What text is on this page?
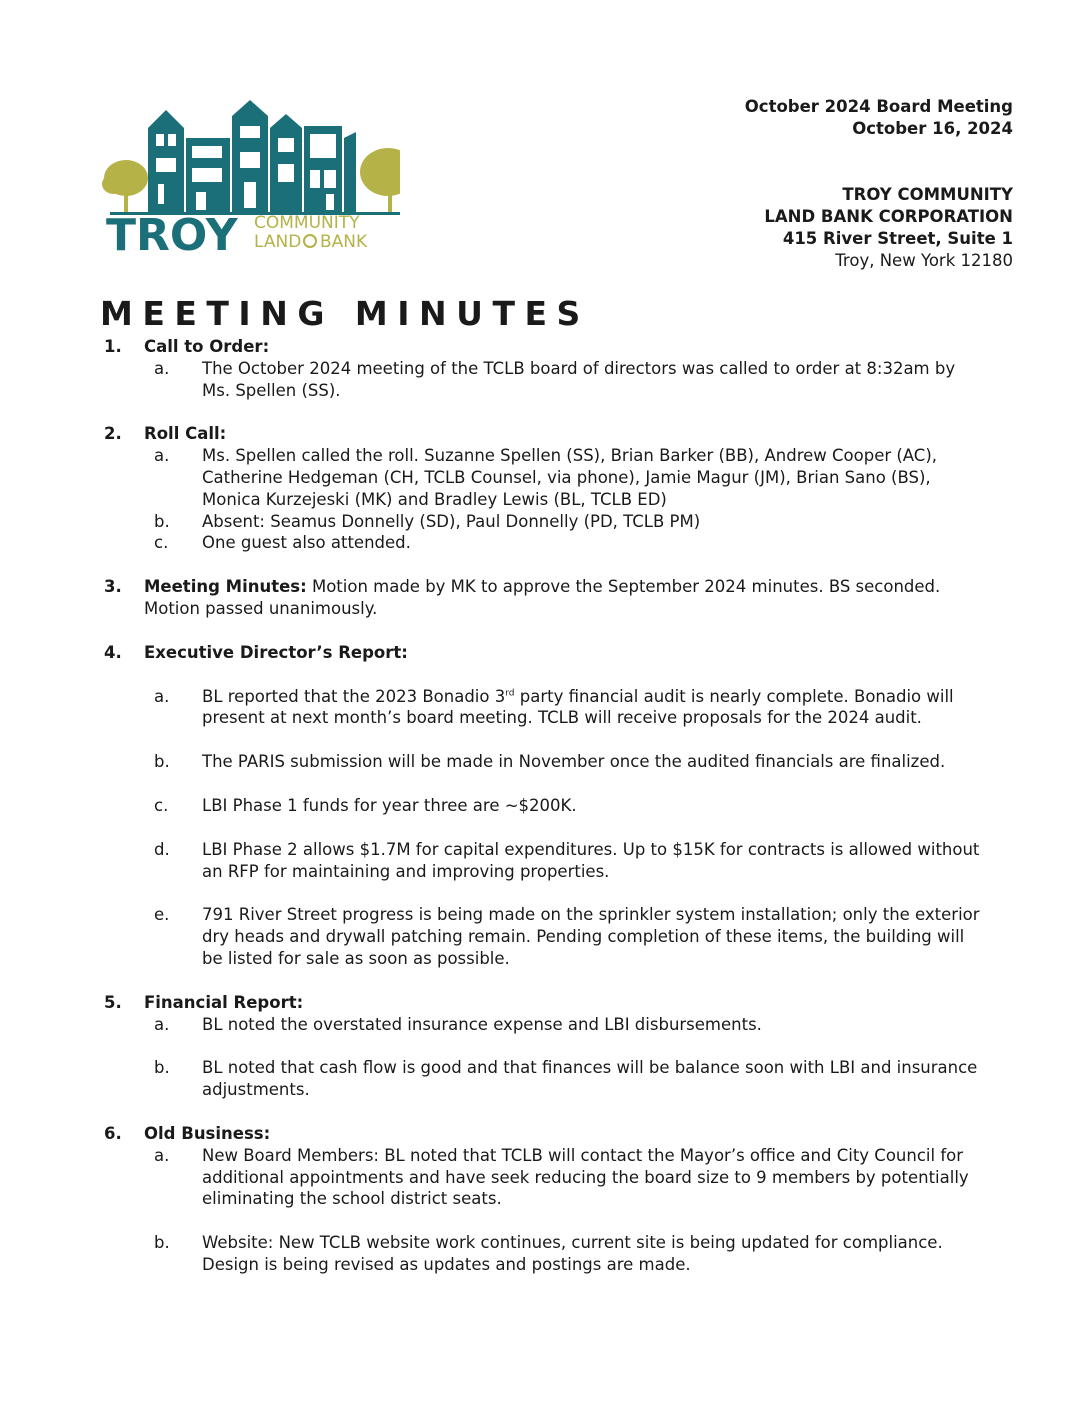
TROY COMMUNITY
LAND BANK
October 2024 Board Meeting
October 16, 2024
TROY COMMUNITY
LAND BANK CORPORATION
415 River Street, Suite 1
Troy, New York 12180
MEETING MINUTES
1. Call to Order:
a. The October 2024 meeting of the TCLB board of directors was called to order at 8:32am by Ms. Spellen (SS).
2. Roll Call:
a. Ms. Spellen called the roll. Suzanne Spellen (SS), Brian Barker (BB), Andrew Cooper (AC), Catherine Hedgeman (CH, TCLB Counsel, via phone), Jamie Magur (JM), Brian Sano (BS), Monica Kurzejeski (MK) and Bradley Lewis (BL, TCLB ED)
b. Absent: Seamus Donnelly (SD), Paul Donnelly (PD, TCLB PM)
c. One guest also attended.
3. Meeting Minutes: Motion made by MK to approve the September 2024 minutes. BS seconded. Motion passed unanimously.
4. Executive Director’s Report:
a. BL reported that the 2023 Bonadio 3rd party financial audit is nearly complete. Bonadio will present at next month’s board meeting. TCLB will receive proposals for the 2024 audit.
b. The PARIS submission will be made in November once the audited financials are finalized.
c. LBI Phase 1 funds for year three are ~$200K.
d. LBI Phase 2 allows $1.7M for capital expenditures. Up to $15K for contracts is allowed without an RFP for maintaining and improving properties.
e. 791 River Street progress is being made on the sprinkler system installation; only the exterior dry heads and drywall patching remain. Pending completion of these items, the building will be listed for sale as soon as possible.
5. Financial Report:
a. BL noted the overstated insurance expense and LBI disbursements.
b. BL noted that cash flow is good and that finances will be balance soon with LBI and insurance adjustments.
6. Old Business:
a. New Board Members: BL noted that TCLB will contact the Mayor’s office and City Council for additional appointments and have seek reducing the board size to 9 members by potentially eliminating the school district seats.
b. Website: New TCLB website work continues, current site is being updated for compliance. Design is being revised as updates and postings are made.
